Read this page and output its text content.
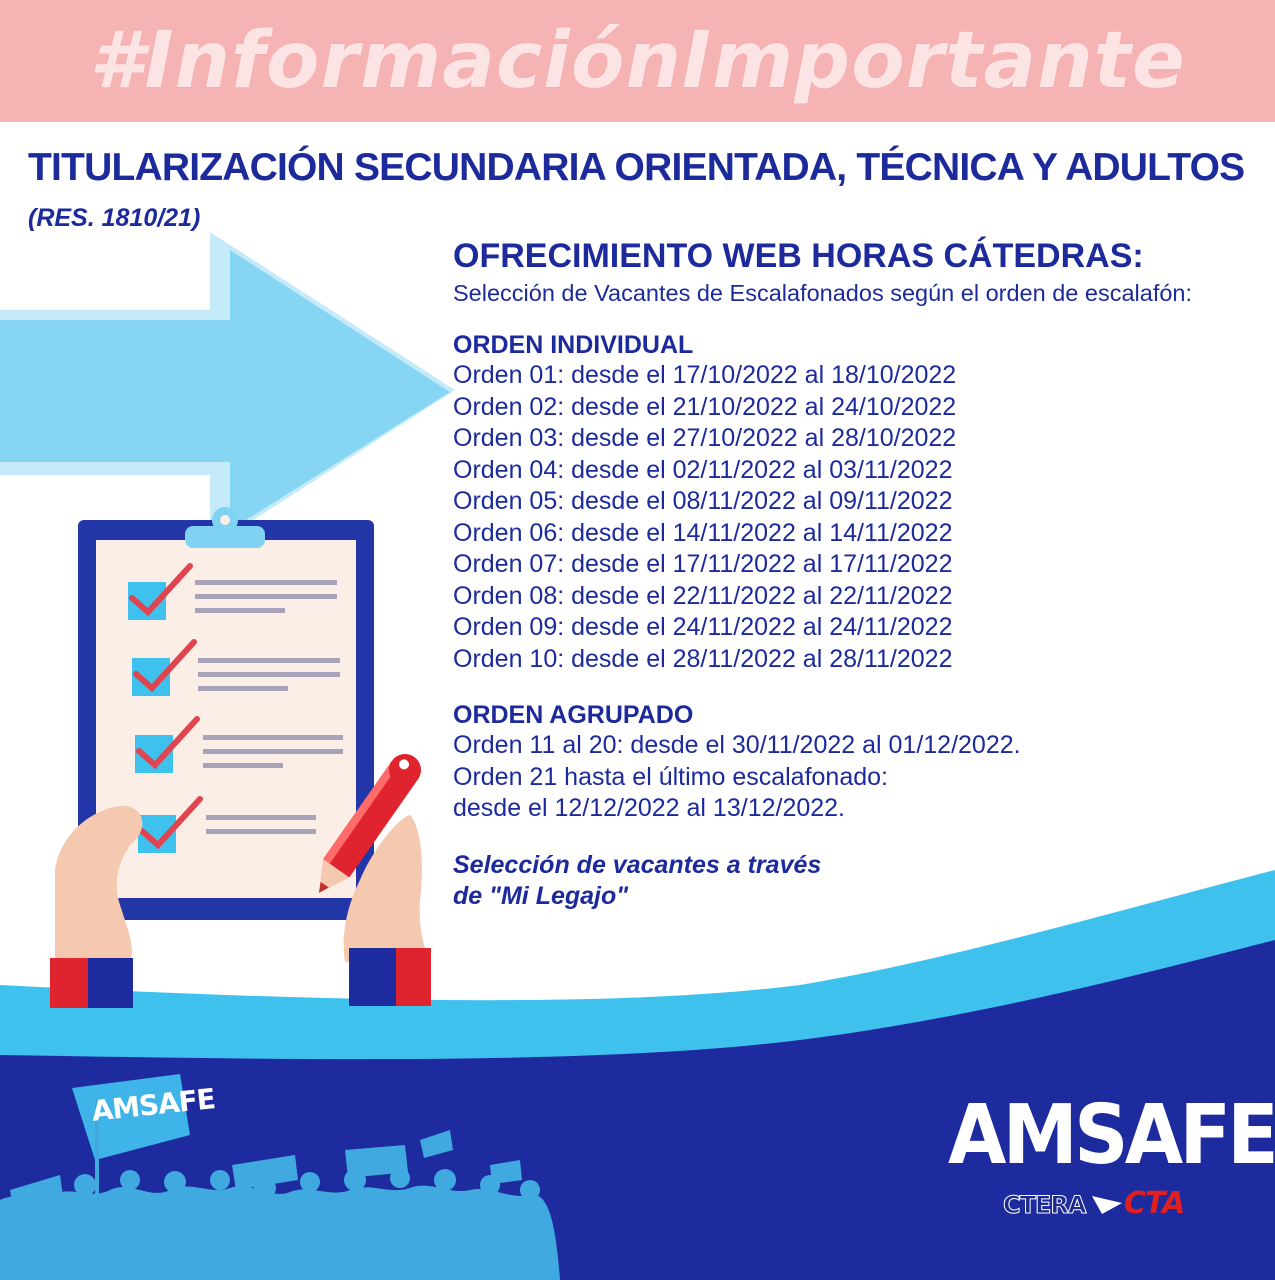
#InformaciónImportante
TITULARIZACIÓN SECUNDARIA ORIENTADA, TÉCNICA Y ADULTOS
(RES. 1810/21)
OFRECIMIENTO WEB HORAS CÁTEDRAS:
Selección de Vacantes de Escalafonados según el orden de escalafón:
ORDEN INDIVIDUAL
Orden 01: desde el 17/10/2022 al 18/10/2022
Orden 02: desde el 21/10/2022 al 24/10/2022
Orden 03: desde el 27/10/2022 al 28/10/2022
Orden 04: desde el 02/11/2022 al 03/11/2022
Orden 05: desde el 08/11/2022 al 09/11/2022
Orden 06: desde el 14/11/2022 al 14/11/2022
Orden 07: desde el 17/11/2022 al 17/11/2022
Orden 08: desde el 22/11/2022 al 22/11/2022
Orden 09: desde el 24/11/2022 al 24/11/2022
Orden 10: desde el 28/11/2022 al 28/11/2022
ORDEN AGRUPADO
Orden 11 al 20: desde el 30/11/2022 al 01/12/2022.
Orden 21 hasta el último escalafonado:
desde el 12/12/2022 al 13/12/2022.
Selección de vacantes a través
de "Mi Legajo"
AMSAFE	AMSAFE
CTERA CTA
